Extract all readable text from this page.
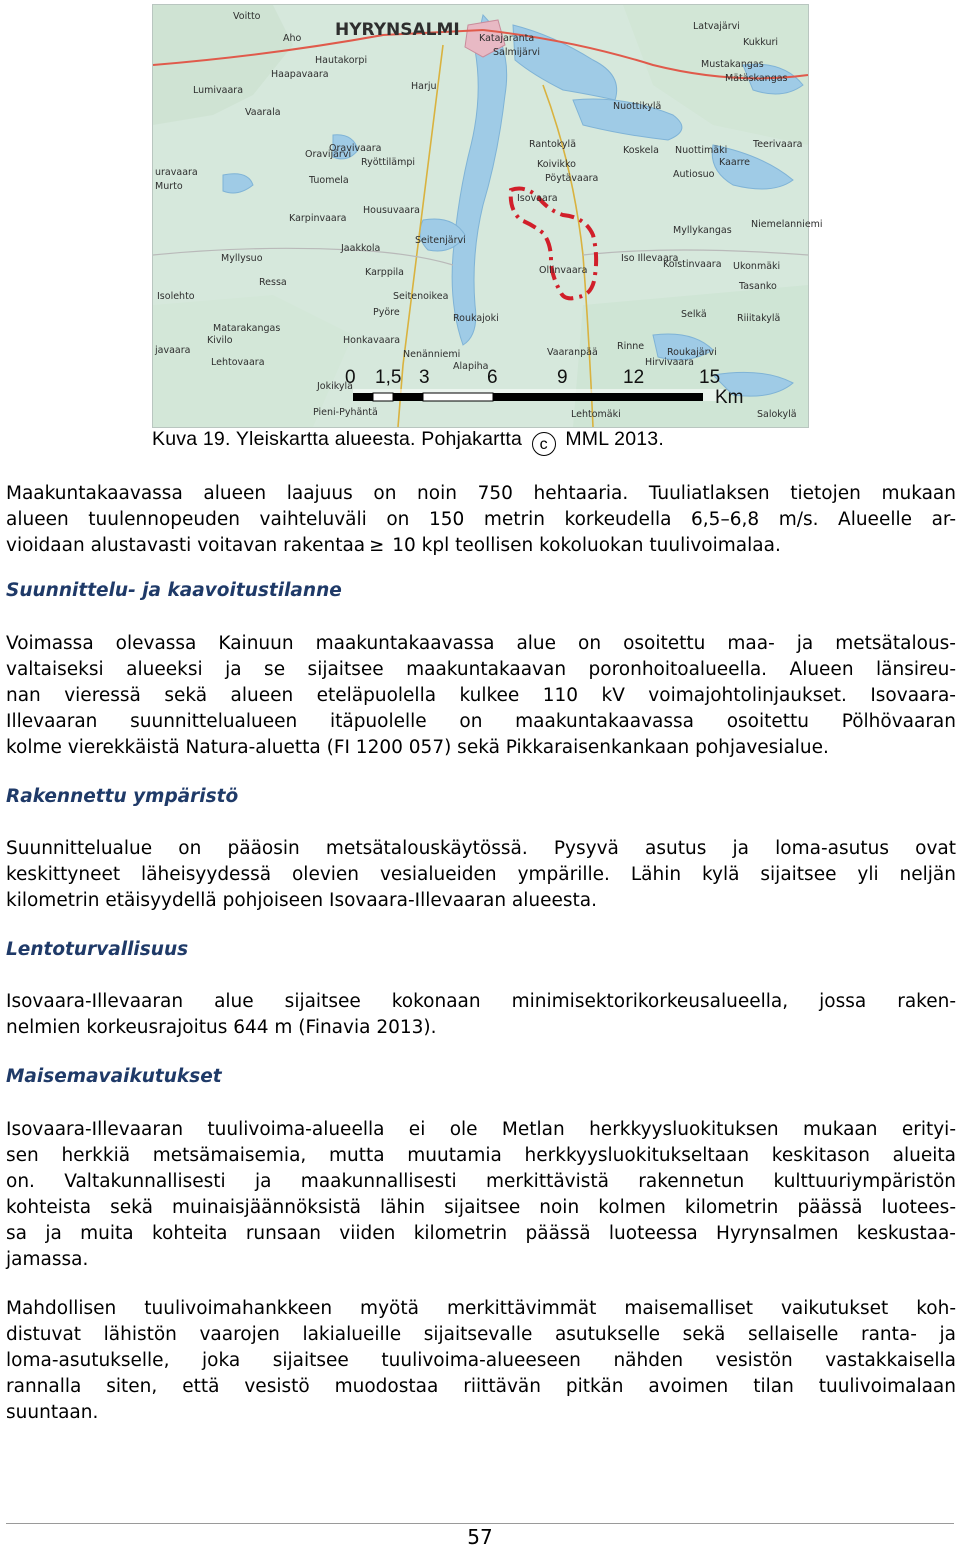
HYRYNSALMI
Voitto
Aho
Hautakorpi
Haapavaara
Lumivaara
Vaarala
Harju
Oravijärvi
Oravivaara
Tuomela
Ryöttilämpi
Karpinvaara
Housuvaara
Jaakkola
Seitenjärvi
Karppila
Ressa
Seitenoikea
Pyöre
Roukajoki
Matarakangas
Kivilo
Lehtovaara
Jokikylä
Honkavaara
Nenänniemi
Alapiha
Vaaranpää
Pieni-Pyhäntä
Katajaranta
Salmijärvi
Latvajärvi
Kukkuri
Mustakangas
Mätäskangas
Nuottikylä
Rantokylä
Koskela Nuottimäki
Kaarre
Teerivaara
Koivikko
Autiosuo
Pöytävaara
Niemelanniemi
Myllykangas
Isovaara
Iso Illevaara
Koistinvaara Ukonmäki
Tasanko
Selkä	Riiitakylä
Rinne
Hirvivaara
Roukajärvi
Ollinvaara
Lehtomäki	Salokylä
Isolehto
Myllysuo
Murto
javaara
uravaara
0 1,5 3	6	9	12	15
Km
Kuva 19. Yleiskartta alueesta. Pohjakartta c MML 2013.
Maakuntakaavassa alueen laajuus on noin 750 hehtaaria. Tuuliatlaksen tietojen mukaan
alueen tuulennopeuden vaihteluväli on 150 metrin korkeudella 6,5–6,8 m/s. Alueelle ar-
vioidaan alustavasti voitavan rakentaa ≥ 10 kpl teollisen kokoluokan tuulivoimalaa.
Suunnittelu- ja kaavoitustilanne
Voimassa olevassa Kainuun maakuntakaavassa alue on osoitettu maa- ja metsätalous-
valtaiseksi alueeksi ja se sijaitsee maakuntakaavan poronhoitoalueella. Alueen länsireu-
nan vieressä sekä alueen eteläpuolella kulkee 110 kV voimajohtolinjaukset. Isovaara-
Illevaaran suunnittelualueen itäpuolelle on maakuntakaavassa osoitettu Pölhövaaran
kolme vierekkäistä Natura-aluetta (FI 1200 057) sekä Pikkaraisenkankaan pohjavesialue.
Rakennettu ympäristö
Suunnittelualue on pääosin metsätalouskäytössä. Pysyvä asutus ja loma-asutus ovat
keskittyneet läheisyydessä olevien vesialueiden ympärille. Lähin kylä sijaitsee yli neljän
kilometrin etäisyydellä pohjoiseen Isovaara-Illevaaran alueesta.
Lentoturvallisuus
Isovaara-Illevaaran alue sijaitsee kokonaan minimisektorikorkeusalueella, jossa raken-
nelmien korkeusrajoitus 644 m (Finavia 2013).
Maisemavaikutukset
Isovaara-Illevaaran tuulivoima-alueella ei ole Metlan herkkyysluokituksen mukaan erityi-
sen herkkiä metsämaisemia, mutta muutamia herkkyysluokitukseltaan keskitason alueita
on. Valtakunnallisesti ja maakunnallisesti merkittävistä rakennetun kulttuuriympäristön
kohteista sekä muinaisjäännöksistä lähin sijaitsee noin kolmen kilometrin päässä luotees-
sa ja muita kohteita runsaan viiden kilometrin päässä luoteessa Hyrynsalmen keskustaa-
jamassa.
Mahdollisen tuulivoimahankkeen myötä merkittävimmät maisemalliset vaikutukset koh-
distuvat lähistön vaarojen lakialueille sijaitsevalle asutukselle sekä sellaiselle ranta- ja
loma-asutukselle, joka sijaitsee tuulivoima-alueeseen nähden vesistön vastakkaisella
rannalla siten, että vesistö muodostaa riittävän pitkän avoimen tilan tuulivoimalaan
suuntaan.
57
